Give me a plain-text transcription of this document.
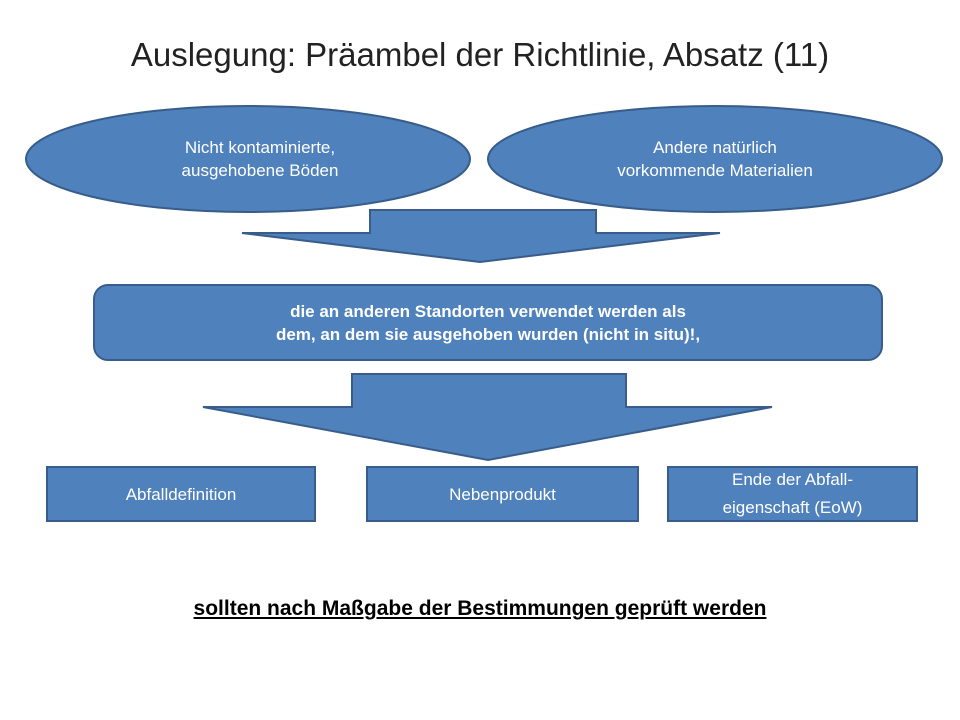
Auslegung: Präambel der Richtlinie, Absatz (11)
Nicht kontaminierte,
ausgehobene Böden
Andere natürlich
vorkommende Materialien
die an anderen Standorten verwendet werden als
dem, an dem sie ausgehoben wurden (nicht in situ)!,
Abfalldefinition	Nebenprodukt
Ende der Abfall-
eigenschaft (EoW)
sollten nach Maßgabe der Bestimmungen geprüft werden
